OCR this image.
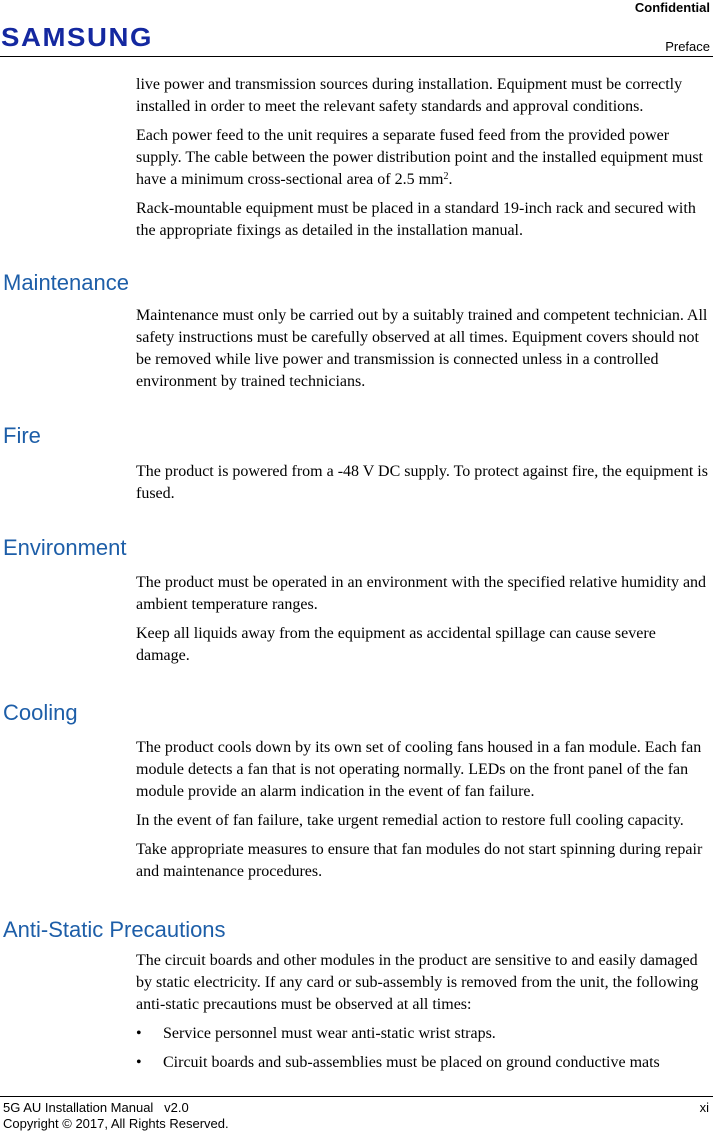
Confidential
SAMSUNG	Preface

live power and transmission sources during installation. Equipment must be correctly installed in order to meet the relevant safety standards and approval conditions.

Each power feed to the unit requires a separate fused feed from the provided power supply. The cable between the power distribution point and the installed equipment must have a minimum cross-sectional area of 2.5 $mm^2$.

Rack-mountable equipment must be placed in a standard 19-inch rack and secured with the appropriate fixings as detailed in the installation manual.

Maintenance

Maintenance must only be carried out by a suitably trained and competent technician. All safety instructions must be carefully observed at all times. Equipment covers should not be removed while live power and transmission is connected unless in a controlled environment by trained technicians.

Fire

The product is powered from a -48 V DC supply. To protect against fire, the equipment is fused.

Environment

The product must be operated in an environment with the specified relative humidity and ambient temperature ranges.

Keep all liquids away from the equipment as accidental spillage can cause severe damage.

Cooling

The product cools down by its own set of cooling fans housed in a fan module. Each fan module detects a fan that is not operating normally. LEDs on the front panel of the fan module provide an alarm indication in the event of fan failure.

In the event of fan failure, take urgent remedial action to restore full cooling capacity.

Take appropriate measures to ensure that fan modules do not start spinning during repair and maintenance procedures.

Anti-Static Precautions

The circuit boards and other modules in the product are sensitive to and easily damaged by static electricity. If any card or sub-assembly is removed from the unit, the following anti-static precautions must be observed at all times:

• Service personnel must wear anti-static wrist straps.
• Circuit boards and sub-assemblies must be placed on ground conductive mats
5G AU Installation Manual   v2.0
Copyright © 2017, All Rights Reserved.
xi
